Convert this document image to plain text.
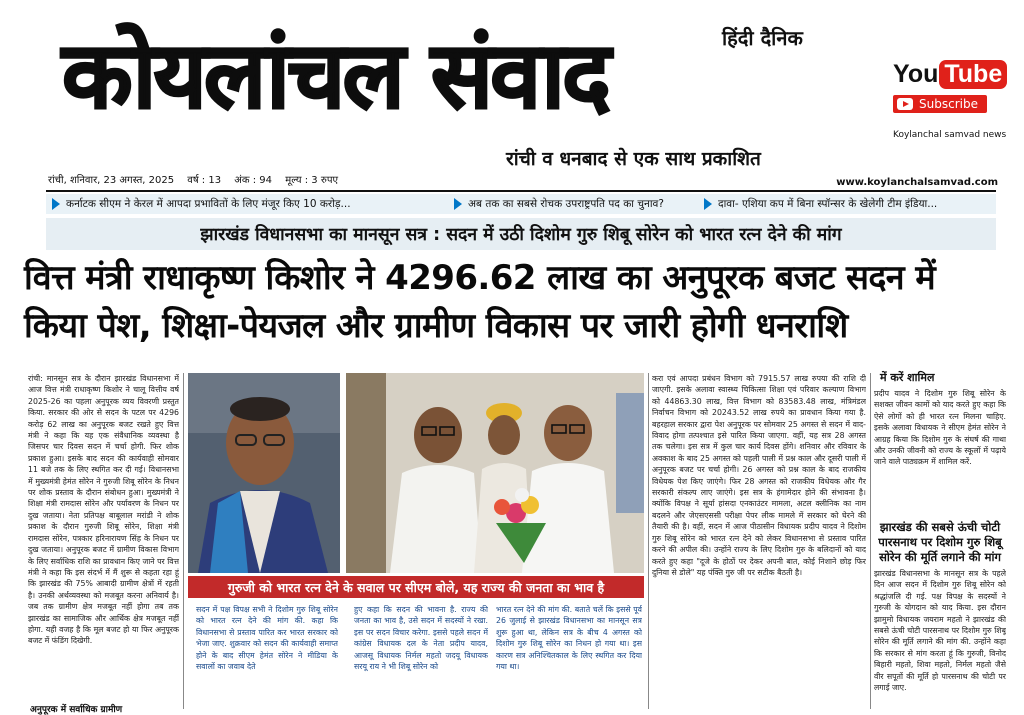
हिंदी दैनिक
कोयलांचल संवाद
रांची व धनबाद से एक साथ प्रकाशित
You Tube
Subscribe
Koylanchal samvad news
रांची, शनिवार, 23 अगस्त, 2025 वर्ष : 13 अंक : 94 मूल्य : 3 रुपए	www.koylanchalsamvad.com
कर्नाटक सीएम ने केरल में आपदा प्रभावितों के लिए मंजूर किए 10 करोड़...	अब तक का सबसे रोचक उपराष्ट्रपति पद का चुनाव?	दावा- एशिया कप में बिना स्पॉन्सर के खेलेगी टीम इंडिया...
झारखंड विधानसभा का मानसून सत्र : सदन में उठी दिशोम गुरु शिबू सोरेन को भारत रत्न देने की मांग
वित्त मंत्री राधाकृष्ण किशोर ने 4296.62 लाख का अनुपूरक बजट सदन में किया पेश, शिक्षा-पेयजल और ग्रामीण विकास पर जारी होगी धनराशि
रांची: मानसून सत्र के दौरान झारखंड विधानसभा में आज वित्त मंत्री राधाकृष्ण किशोर ने चालू वित्तीय वर्ष 2025-26 का पहला अनुपूरक व्यय विवरणी प्रस्तुत किया. सरकार की ओर से सदन के पटल पर 4296 करोड़ 62 लाख का अनुपूरक बजट रखते हुए वित्त मंत्री ने कहा कि यह एक संवैधानिक व्यवस्था है जिसपर चार दिवस सदन में चर्चा होगी. फिर शोक प्रकाश हुआ। इसके बाद सदन की कार्यवाही सोमवार 11 बजे तक के लिए स्थगित कर दी गई। विधानसभा में मुख्यमंत्री हेमंत सोरेन ने गुरुजी शिबू सोरेन के निधन पर शोक प्रस्ताव के दौरान संबोधन हुआ। मुख्यमंत्री ने शिक्षा मंत्री रामदास सोरेन और पर्यावरण के निधन पर दुख जताया। नेता प्रतिपक्ष बाबूलाल मरांडी ने शोक प्रकाश के दौरान गुरुजी शिबू सोरेन, शिक्षा मंत्री रामदास सोरेन, पत्रकार हरिनारायण सिंह के निधन पर दुख जताया। अनुपूरक बजट में ग्रामीण विकास विभाग के लिए सर्वाधिक राशि का प्रावधान किए जाने पर वित्त मंत्री ने कहा कि इस संदर्भ में मैं शुरू से कहता रहा हूं कि झारखंड की 75% आबादी ग्रामीण क्षेत्रों में रहती है। उनकी अर्थव्यवस्था को मजबूत करना अनिवार्य है। जब तक ग्रामीण क्षेत्र मजबूत नहीं होगा तब तक झारखंड का सामाजिक और आर्थिक क्षेत्र मजबूत नहीं होगा. यही वजह है कि मूल बजट हो या फिर अनुपूरक बजट में फंडिंग दिखेगी.
अनुपूरक में सर्वाधिक ग्रामीण
गुरुजी को भारत रत्न देने के सवाल पर सीएम बोले, यह राज्य की जनता का भाव है
सदन में पक्ष विपक्ष सभी ने दिशोम गुरु शिबू सोरेन को भारत रत्न देने की मांग की. कहा कि विधानसभा से प्रस्ताव पारित कर भारत सरकार को भेजा जाए. शुक्रवार को सदन की कार्यवाही समाप्त होने के बाद सीएम हेमंत सोरेन ने मीडिया के सवालों का जवाब देते
हुए कहा कि सदन की भावना है. राज्य की जनता का भाव है, उसे सदन में सदस्यों ने रखा. इस पर सदन विचार करेगा. इससे पहले सदन में कांग्रेस विधायक दल के नेता प्रदीप यादव, आजसू विधायक निर्मल महतो जदयू विधायक सरयू राय ने भी शिबू सोरेन को
भारत रत्न देने की मांग की. बताते चलें कि इससे पूर्व 26 जुलाई से झारखंड विधानसभा का मानसून सत्र शुरू हुआ था, लेकिन सत्र के बीच 4 अगस्त को दिशोम गुरु शिबू सोरेन का निधन हो गया था। इस कारण सत्र अनिश्चितकाल के लिए स्थगित कर दिया गया था।
करा एवं आपदा प्रबंधन विभाग को 7915.57 लाख रुपया की राशि दी जाएगी. इसके अलावा स्वास्थ्य चिकित्सा शिक्षा एवं परिवार कल्याण विभाग को 44863.30 लाख, वित्त विभाग को 83583.48 लाख, मंत्रिमंडल निर्वाचन विभाग को 20243.52 लाख रुपये का प्रावधान किया गया है. बहरहाल सरकार द्वारा पेश अनुपूरक पर सोमवार 25 अगस्त से सदन में वाद-विवाद होगा तत्पश्चात इसे पारित किया जाएगा. वहीं, यह सत्र 28 अगस्त तक चलेगा। इस सत्र में कुल चार कार्य दिवस होंगे। शनिवार और रविवार के अवकाश के बाद 25 अगस्त को पहली पाली में प्रश्न काल और दूसरी पाली में अनुपूरक बजट पर चर्चा होगी। 26 अगस्त को प्रश्न काल के बाद राजकीय विधेयक पेश किए जाएंगे। फिर 28 अगस्त को राजकीय विधेयक और गैर सरकारी संकल्प लाए जाएंगे। इस सत्र के हंगामेदार होने की संभावना है। क्योंकि विपक्ष ने सूर्या हांसदा एनकाउंटर मामला, अटल क्लीनिक का नाम बदलने और जेएसएससी परीक्षा पेपर लीक मामले में सरकार को घेरने की तैयारी की है। वहीं, सदन में आज पीठासीन विधायक प्रदीप यादव ने दिशोम गुरु शिबू सोरेन को भारत रत्न देने को लेकर विधानसभा से प्रस्ताव पारित करने की अपील की। उन्होंने राज्य के लिए दिशोम गुरु के बलिदानों को याद करते हुए कहा "दूजे के होठों पर देकर अपनी बात, कोई निशाने छोड़ फिर दुनिया से डोले" यह पंक्ति गुरु जी पर सटीक बैठती है।
में करें शामिल
प्रदीप यादव ने दिशोम गुरु शिबू सोरेन के सशक्त जीवन कामों को याद करते हुए कहा कि ऐसे लोगों को ही भारत रत्न मिलना चाहिए. इसके अलावा विधायक ने सीएम हेमंत सोरेन ने आग्रह किया कि दिशोम गुरु के संघर्ष की गाथा और उनकी जीवनी को राज्य के स्कूलों में पढ़ाये जाने वाले पाठ्यक्रम में शामिल करें.
झारखंड की सबसे ऊंची चोटी पारसनाथ पर दिशोम गुरु शिबू सोरेन की मूर्ति लगाने की मांग
झारखंड विधानसभा के मानसून सत्र के पहले दिन आज सदन में दिशोम गुरु शिबू सोरेन को श्रद्धांजलि दी गई. पक्ष विपक्ष के सदस्यों ने गुरुजी के योगदान को याद किया. इस दौरान झामुमो विधायक जयराम महतो ने झारखंड की सबसे ऊंची चोटी पारसनाथ पर दिशोम गुरु शिबू सोरेन की मूर्ति लगाने की मांग की. उन्होंने कहा कि सरकार से मांग करता हूं कि गुरुजी, विनोद बिहारी महतो, शिवा महतो, निर्मल महतो जैसे वीर सपूतों की मूर्ति हो पारसनाथ की चोटी पर लगाई जाए.
